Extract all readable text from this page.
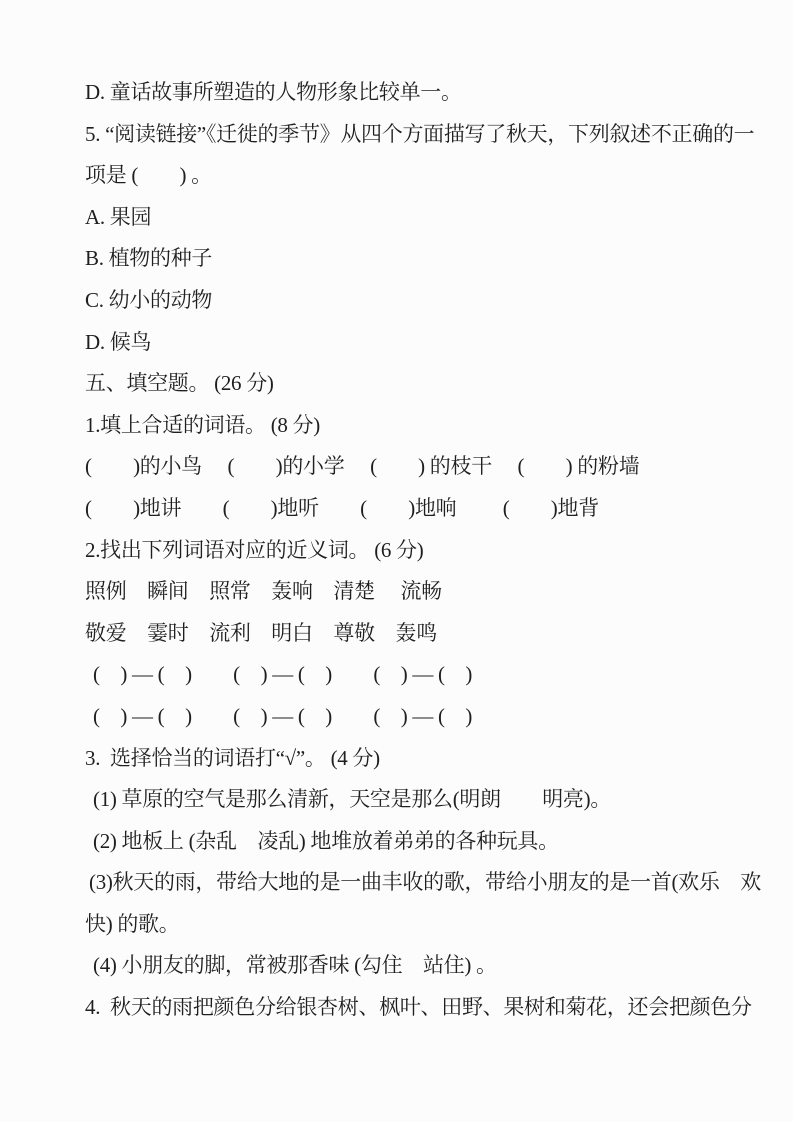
D. 童话故事所塑造的人物形象比较单一。
5. “阅读链接”《迁徙的季节》从四个方面描写了秋天，下列叙述不正确的一
项是 (　　) 。
A. 果园
B. 植物的种子
C. 幼小的动物
D. 候鸟
五、填空题。 (26 分)
1.填上合适的词语。 (8 分)
(　　)的小鸟　 (　　)的小学　 (　　) 的枝干　 (　　) 的粉墙
(　　)地讲　　(　　)地听　　(　　)地响　　 (　　)地背
2.找出下列词语对应的近义词。 (6 分)
照例　瞬间　照常　轰响　清楚　 流畅
敬爱　霎时　流利　明白　尊敬　轰鸣
(　) — (　)　　(　) — (　)　　(　) — (　)
(　) — (　)　　(　) — (　)　　(　) — (　)
3.  选择恰当的词语打“√”。 (4 分)
(1) 草原的空气是那么清新，天空是那么(明朗　　明亮)。
(2) 地板上 (杂乱　凌乱) 地堆放着弟弟的各种玩具。
(3)秋天的雨，带给大地的是一曲丰收的歌，带给小朋友的是一首(欢乐　欢
快) 的歌。
(4) 小朋友的脚，常被那香味 (勾住　站住) 。
4.  秋天的雨把颜色分给银杏树、枫叶、田野、果树和菊花，还会把颜色分
